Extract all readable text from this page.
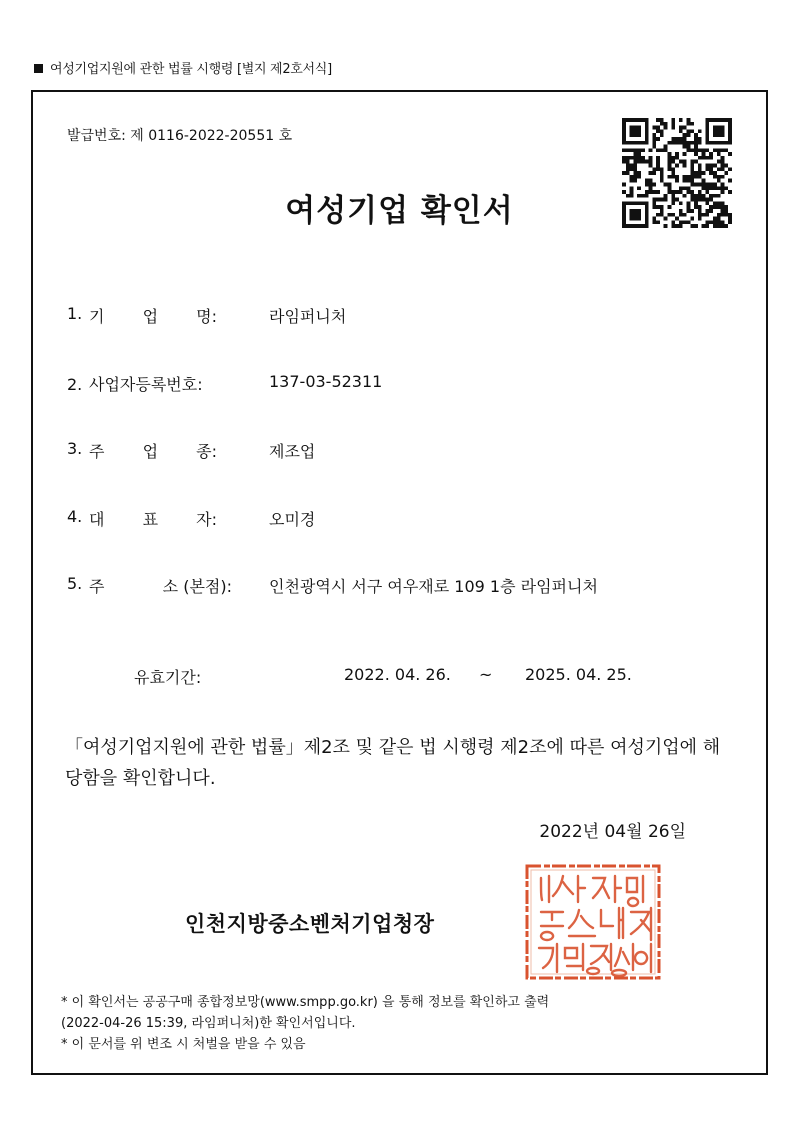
여성기업지원에 관한 법률 시행령 [별지 제2호서식]
발급번호: 제 0116-2022-20551 호
여성기업 확인서
1. 기 업 명:	라임퍼니처
2. 사업자등록번호:	137-03-52311
3. 주 업 종:	제조업
4. 대 표 자:	오미경
5. 주	소 (본점): 인천광역시 서구 여우재로 109 1층 라임퍼니처
유효기간:	2022. 04. 26. ~ 2025. 04. 25.
「여성기업지원에 관한 법률」제2조 및 같은 법 시행령 제2조에 따른 여성기업에 해당함을 확인합니다.
2022년 04월 26일
인천지방중소벤처기업청장
* 이 확인서는 공공구매 종합정보망(www.smpp.go.kr) 을 통해 정보를 확인하고 출력
(2022-04-26 15:39, 라임퍼니처)한 확인서입니다.
* 이 문서를 위 변조 시 처벌을 받을 수 있음
